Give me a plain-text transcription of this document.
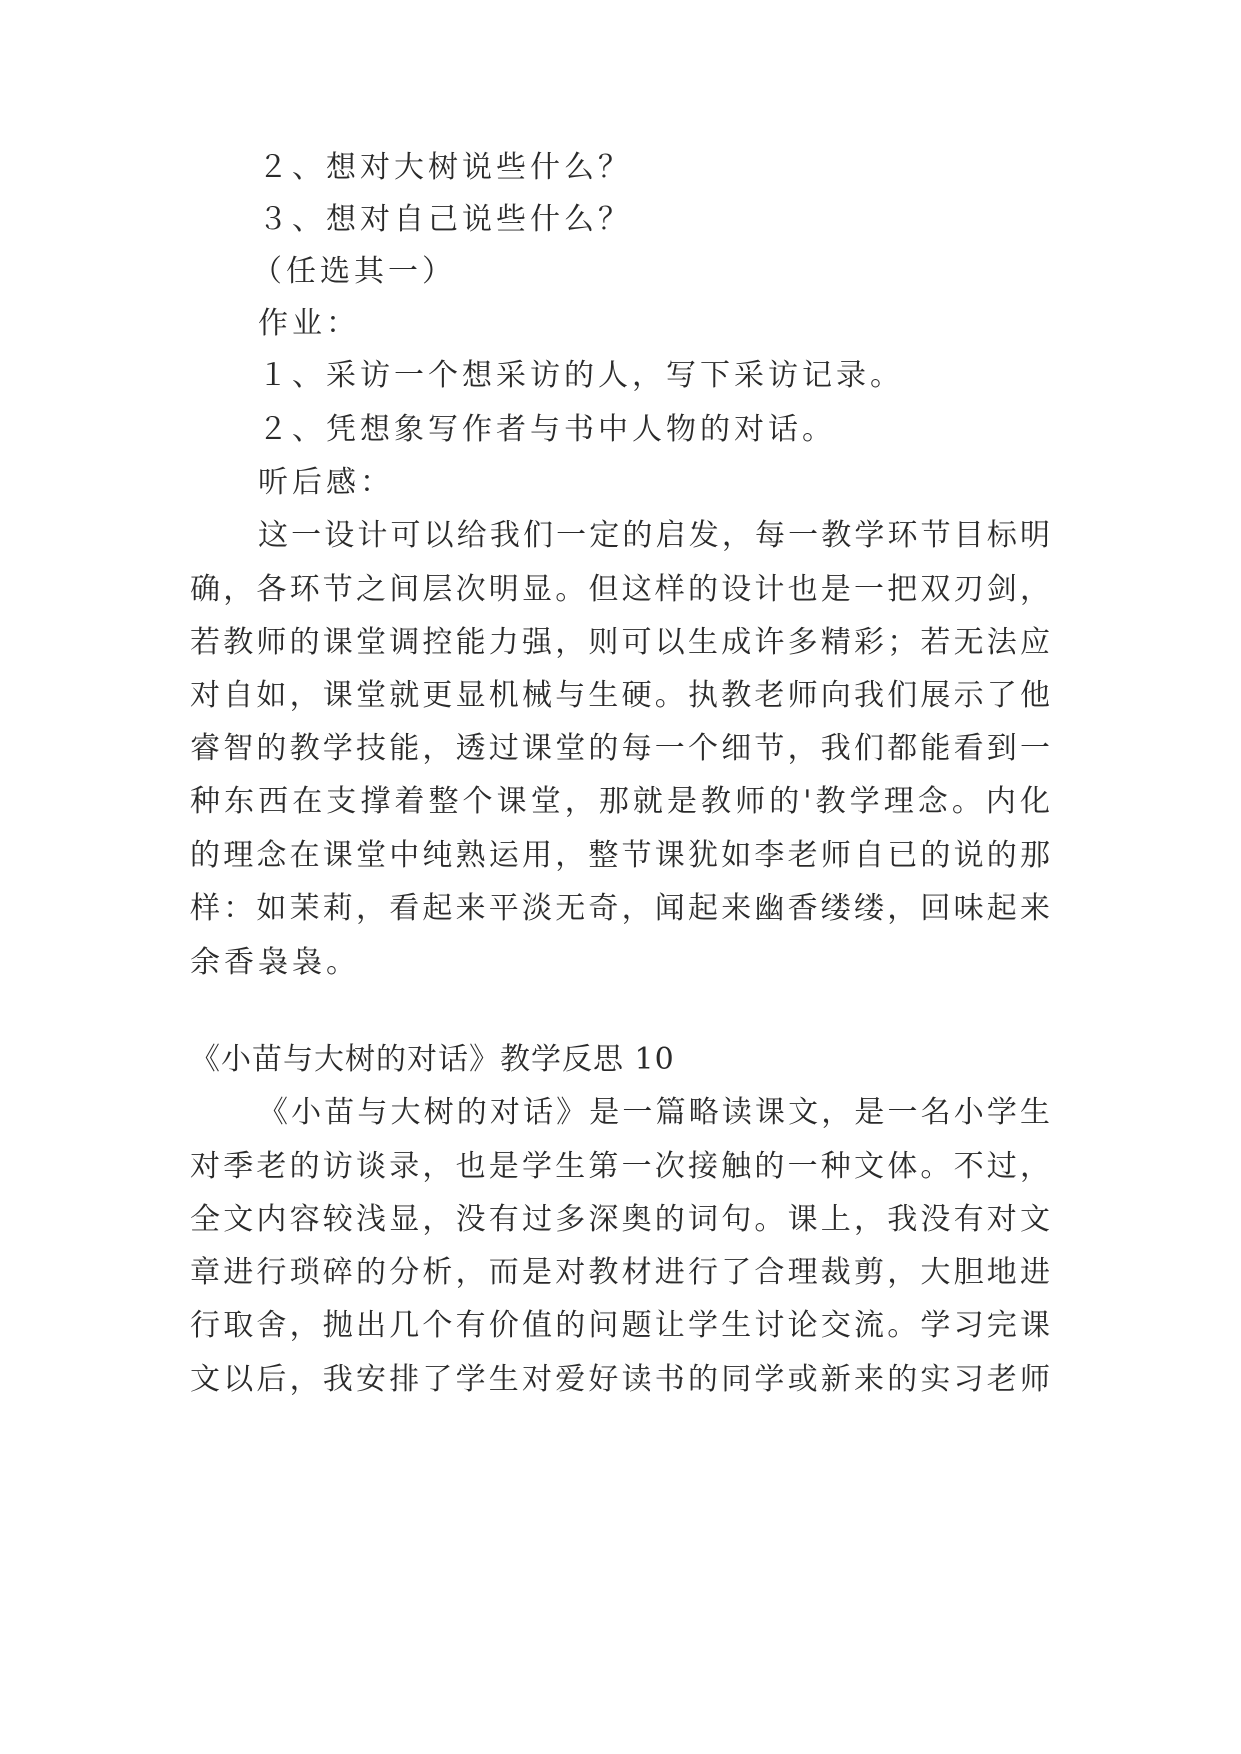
２、想对大树说些什么？
３、想对自己说些什么？
（任选其一）
作业：
１、采访一个想采访的人，写下采访记录。
２、凭想象写作者与书中人物的对话。
听后感：
这一设计可以给我们一定的启发，每一教学环节目标明
确，各环节之间层次明显。但这样的设计也是一把双刃剑，
若教师的课堂调控能力强，则可以生成许多精彩；若无法应
对自如，课堂就更显机械与生硬。执教老师向我们展示了他
睿智的教学技能，透过课堂的每一个细节，我们都能看到一
种东西在支撑着整个课堂，那就是教师的'教学理念。内化
的理念在课堂中纯熟运用，整节课犹如李老师自已的说的那
样：如茉莉，看起来平淡无奇，闻起来幽香缕缕，回味起来
余香袅袅。
《小苗与大树的对话》教学反思 10
《小苗与大树的对话》是一篇略读课文，是一名小学生
对季老的访谈录，也是学生第一次接触的一种文体。不过，
全文内容较浅显，没有过多深奥的词句。课上，我没有对文
章进行琐碎的分析，而是对教材进行了合理裁剪，大胆地进
行取舍，抛出几个有价值的问题让学生讨论交流。学习完课
文以后，我安排了学生对爱好读书的同学或新来的实习老师
